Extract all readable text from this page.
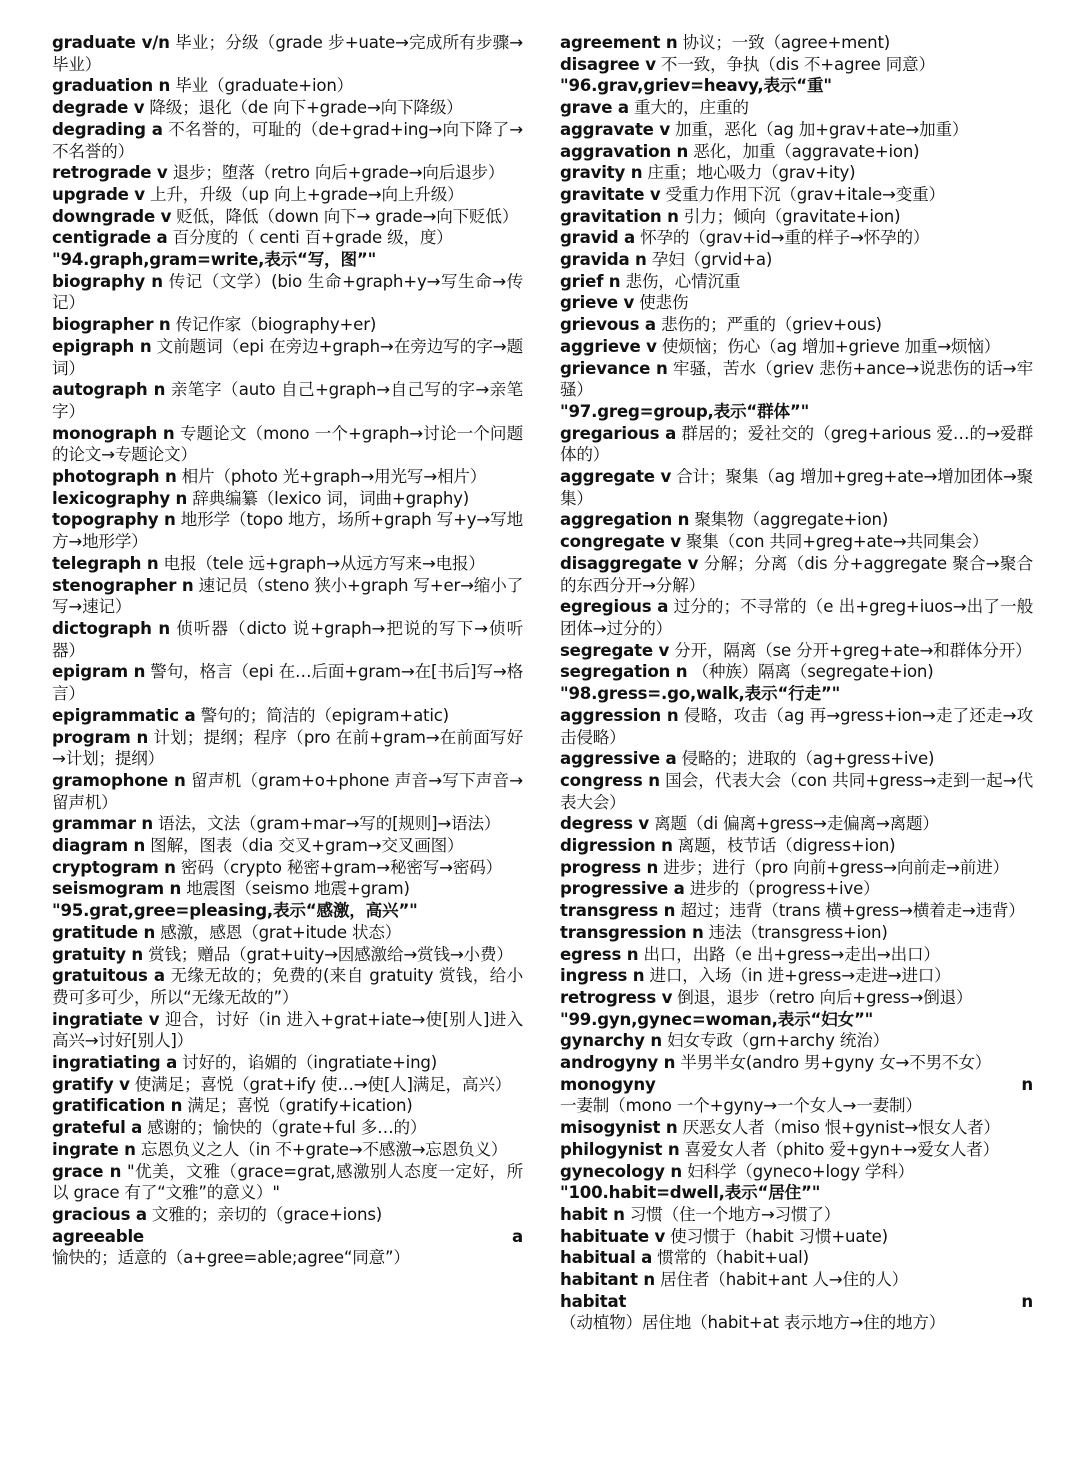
graduate v/n 毕业；分级（grade 步+uate→完成所有步骤→毕业）

graduation n 毕业（graduate+ion）

degrade v 降级；退化（de 向下+grade→向下降级）

degrading a 不名誉的，可耻的（de+grad+ing→向下降了→不名誉的）

retrograde v 退步；堕落（retro 向后+grade→向后退步）

upgrade v 上升，升级（up 向上+grade→向上升级）

downgrade v 贬低，降低（down 向下→ grade→向下贬低）

centigrade a 百分度的（ centi 百+grade 级，度）

"94.graph,gram=write,表示“写，图”"

biography n 传记（文学）(bio 生命+graph+y→写生命→传记）

biographer n 传记作家（biography+er)

epigraph n 文前题词（epi 在旁边+graph→在旁边写的字→题词）

autograph n 亲笔字（auto 自己+graph→自己写的字→亲笔字）

monograph n 专题论文（mono 一个+graph→讨论一个问题的论文→专题论文）

photograph n 相片（photo 光+graph→用光写→相片）

lexicography n 辞典编纂（lexico 词，词曲+graphy)

topography n 地形学（topo 地方，场所+graph 写+y→写地方→地形学）

telegraph n 电报（tele 远+graph→从远方写来→电报）

stenographer n 速记员（steno 狭小+graph 写+er→缩小了写→速记）

dictograph n 侦听器（dicto 说+graph→把说的写下→侦听器）

epigram n 警句，格言（epi 在…后面+gram→在[书后]写→格言）

epigrammatic a 警句的；简洁的（epigram+atic)

program n 计划；提纲；程序（pro 在前+gram→在前面写好→计划；提纲）

gramophone n 留声机（gram+o+phone 声音→写下声音→留声机）

grammar n 语法，文法（gram+mar→写的[规则]→语法）

diagram n 图解，图表（dia 交叉+gram→交叉画图）

cryptogram n 密码（crypto 秘密+gram→秘密写→密码）

seismogram n 地震图（seismo 地震+gram)

"95.grat,gree=pleasing,表示“感激，高兴”"

gratitude n 感激，感恩（grat+itude 状态）

gratuity n 赏钱；赠品（grat+uity→因感激给→赏钱→小费）

gratuitous a 无缘无故的；免费的(来自 gratuity 赏钱，给小费可多可少，所以“无缘无故的”）

ingratiate v 迎合，讨好（in 进入+grat+iate→使[别人]进入高兴→讨好[别人]）

ingratiating a 讨好的，谄媚的（ingratiate+ing)

gratify v 使满足；喜悦（grat+ify 使…→使[人]满足，高兴）

gratification n 满足；喜悦（gratify+ication)

grateful a 感谢的；愉快的（grate+ful 多…的）

ingrate n 忘恩负义之人（in 不+grate→不感激→忘恩负义）

grace n "优美，文雅（grace=grat,感激别人态度一定好，所以 grace 有了“文雅”的意义）"

gracious a 文雅的；亲切的（grace+ions)

agreeable a 愉快的；适意的（a+gree=able;agree“同意”）

agreement n 协议；一致（agree+ment)

disagree v 不一致，争执（dis 不+agree 同意）

"96.grav,griev=heavy,表示“重"

grave a 重大的，庄重的

aggravate v 加重，恶化（ag 加+grav+ate→加重）

aggravation n 恶化，加重（aggravate+ion)

gravity n 庄重；地心吸力（grav+ity)

gravitate v 受重力作用下沉（grav+itale→变重）

gravitation n 引力；倾向（gravitate+ion)

gravid a 怀孕的（grav+id→重的样子→怀孕的）

gravida n 孕妇（grvid+a)

grief n 悲伤，心情沉重

grieve v 使悲伤

grievous a 悲伤的；严重的（griev+ous)

aggrieve v 使烦恼；伤心（ag 增加+grieve 加重→烦恼）

grievance n 牢骚，苦水（griev 悲伤+ance→说悲伤的话→牢骚）

"97.greg=group,表示“群体”"

gregarious a 群居的；爱社交的（greg+arious 爱…的→爱群体的）

aggregate v 合计；聚集（ag 增加+greg+ate→增加团体→聚集）

aggregation n 聚集物（aggregate+ion)

congregate v 聚集（con 共同+greg+ate→共同集会）

disaggregate v 分解；分离（dis 分+aggregate 聚合→聚合的东西分开→分解）

egregious a 过分的；不寻常的（e 出+greg+iuos→出了一般团体→过分的）

segregate v 分开，隔离（se 分开+greg+ate→和群体分开）

segregation n （种族）隔离（segregate+ion)

"98.gress=.go,walk,表示“行走”"

aggression n 侵略，攻击（ag 再→gress+ion→走了还走→攻击侵略）

aggressive a 侵略的；进取的（ag+gress+ive)

congress n 国会，代表大会（con 共同+gress→走到一起→代表大会）

degress v 离题（di 偏离+gress→走偏离→离题）

digression n 离题，枝节话（digress+ion)

progress n 进步；进行（pro 向前+gress→向前走→前进）

progressive a 进步的（progress+ive）

transgress n 超过；违背（trans 横+gress→横着走→违背）

transgression n 违法（transgress+ion)

egress n 出口，出路（e 出+gress→走出→出口）

ingress n 进口，入场（in 进+gress→走进→进口）

retrogress v 倒退，退步（retro 向后+gress→倒退）

"99.gyn,gynec=woman,表示“妇女”"

gynarchy n 妇女专政（grn+archy 统治）

androgyny n 半男半女(andro 男+gyny 女→不男不女）

monogyny n 一妻制（mono 一个+gyny→一个女人→一妻制）

misogynist n 厌恶女人者（miso 恨+gynist→恨女人者）

philogynist n 喜爱女人者（phito 爱+gyn+→爱女人者）

gynecology n 妇科学（gyneco+logy 学科）

"100.habit=dwell,表示“居住”"

habit n 习惯（住一个地方→习惯了）

habituate v 使习惯于（habit 习惯+uate)

habitual a 惯常的（habit+ual)

habitant n 居住者（habit+ant 人→住的人）

habitat n （动植物）居住地（habit+at 表示地方→住的地方）
